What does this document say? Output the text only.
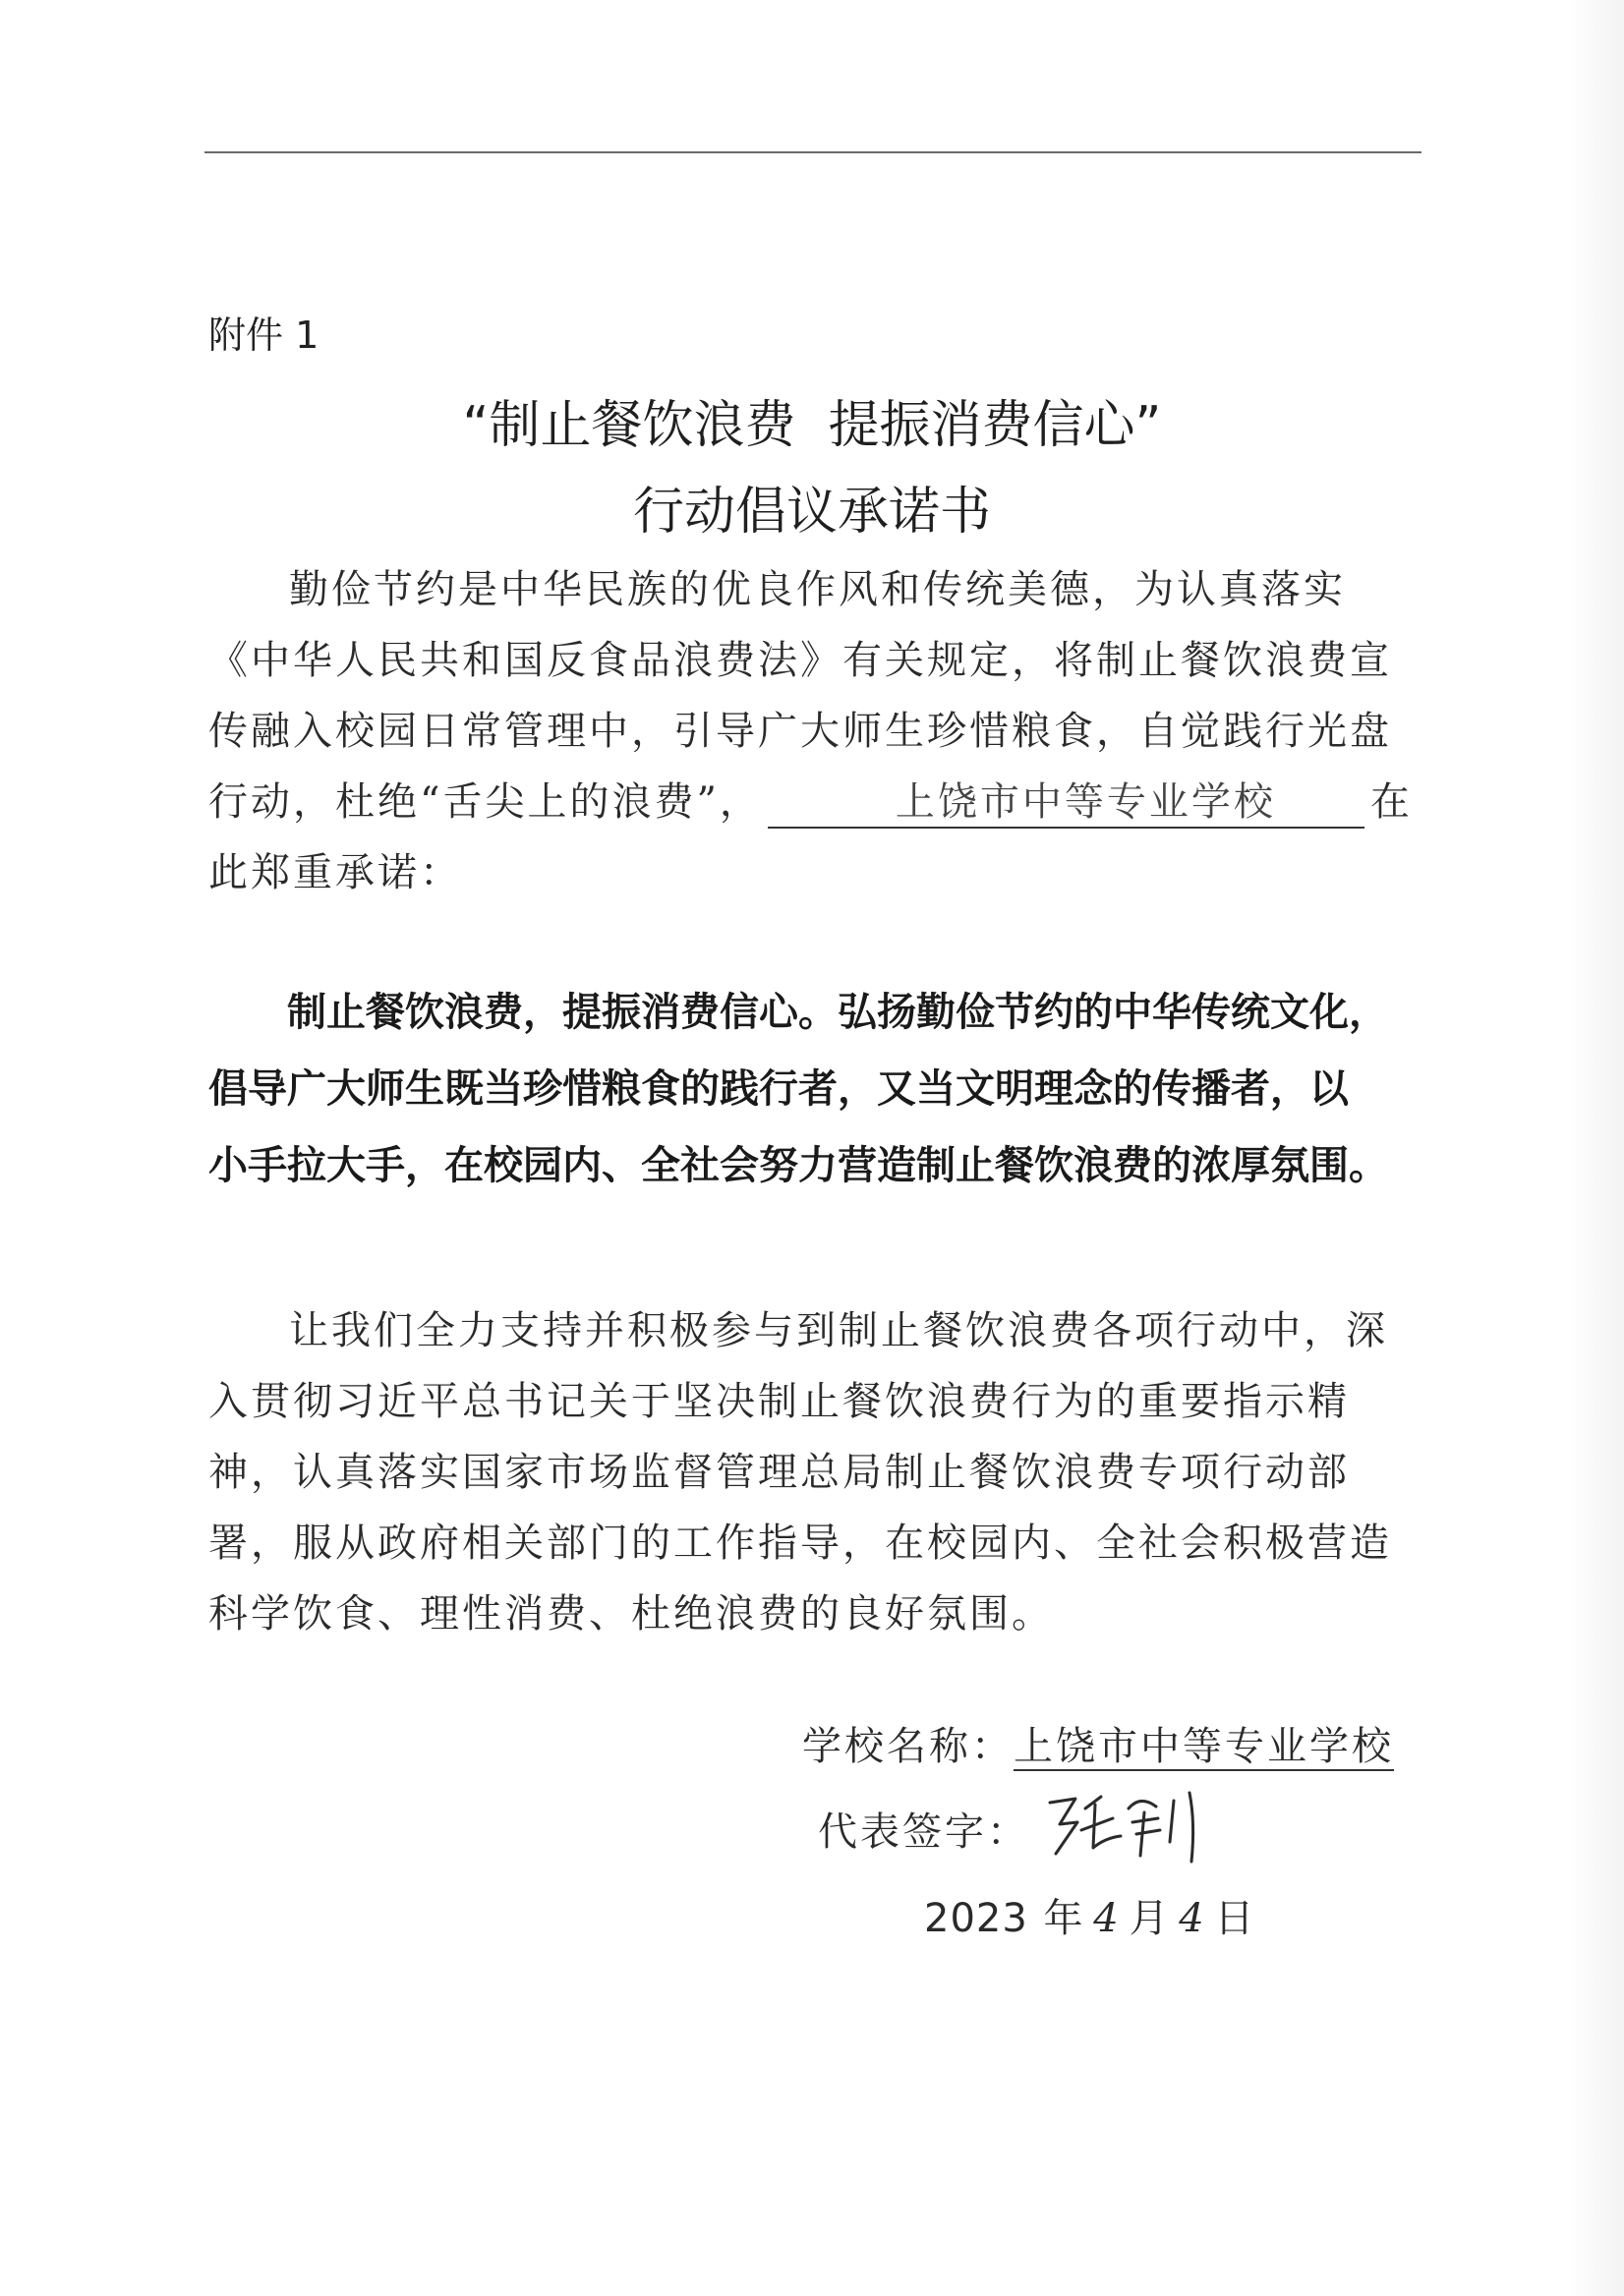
附件 1
“制止餐饮浪费  提振消费信心”
行动倡议承诺书
勤俭节约是中华民族的优良作风和传统美德，为认真落实
《中华人民共和国反食品浪费法》有关规定，将制止餐饮浪费宣
传融入校园日常管理中，引导广大师生珍惜粮食，自觉践行光盘
行动，杜绝“舌尖上的浪费”，	上饶市中等专业学校 在
此郑重承诺：
制止餐饮浪费，提振消费信心。弘扬勤俭节约的中华传统文化，
倡导广大师生既当珍惜粮食的践行者，又当文明理念的传播者，以
小手拉大手，在校园内、全社会努力营造制止餐饮浪费的浓厚氛围。
让我们全力支持并积极参与到制止餐饮浪费各项行动中，深
入贯彻习近平总书记关于坚决制止餐饮浪费行为的重要指示精
神，认真落实国家市场监督管理总局制止餐饮浪费专项行动部
署，服从政府相关部门的工作指导，在校园内、全社会积极营造
科学饮食、理性消费、杜绝浪费的良好氛围。
学校名称：上饶市中等专业学校
代表签字：
2023 年 4 月 4 日
